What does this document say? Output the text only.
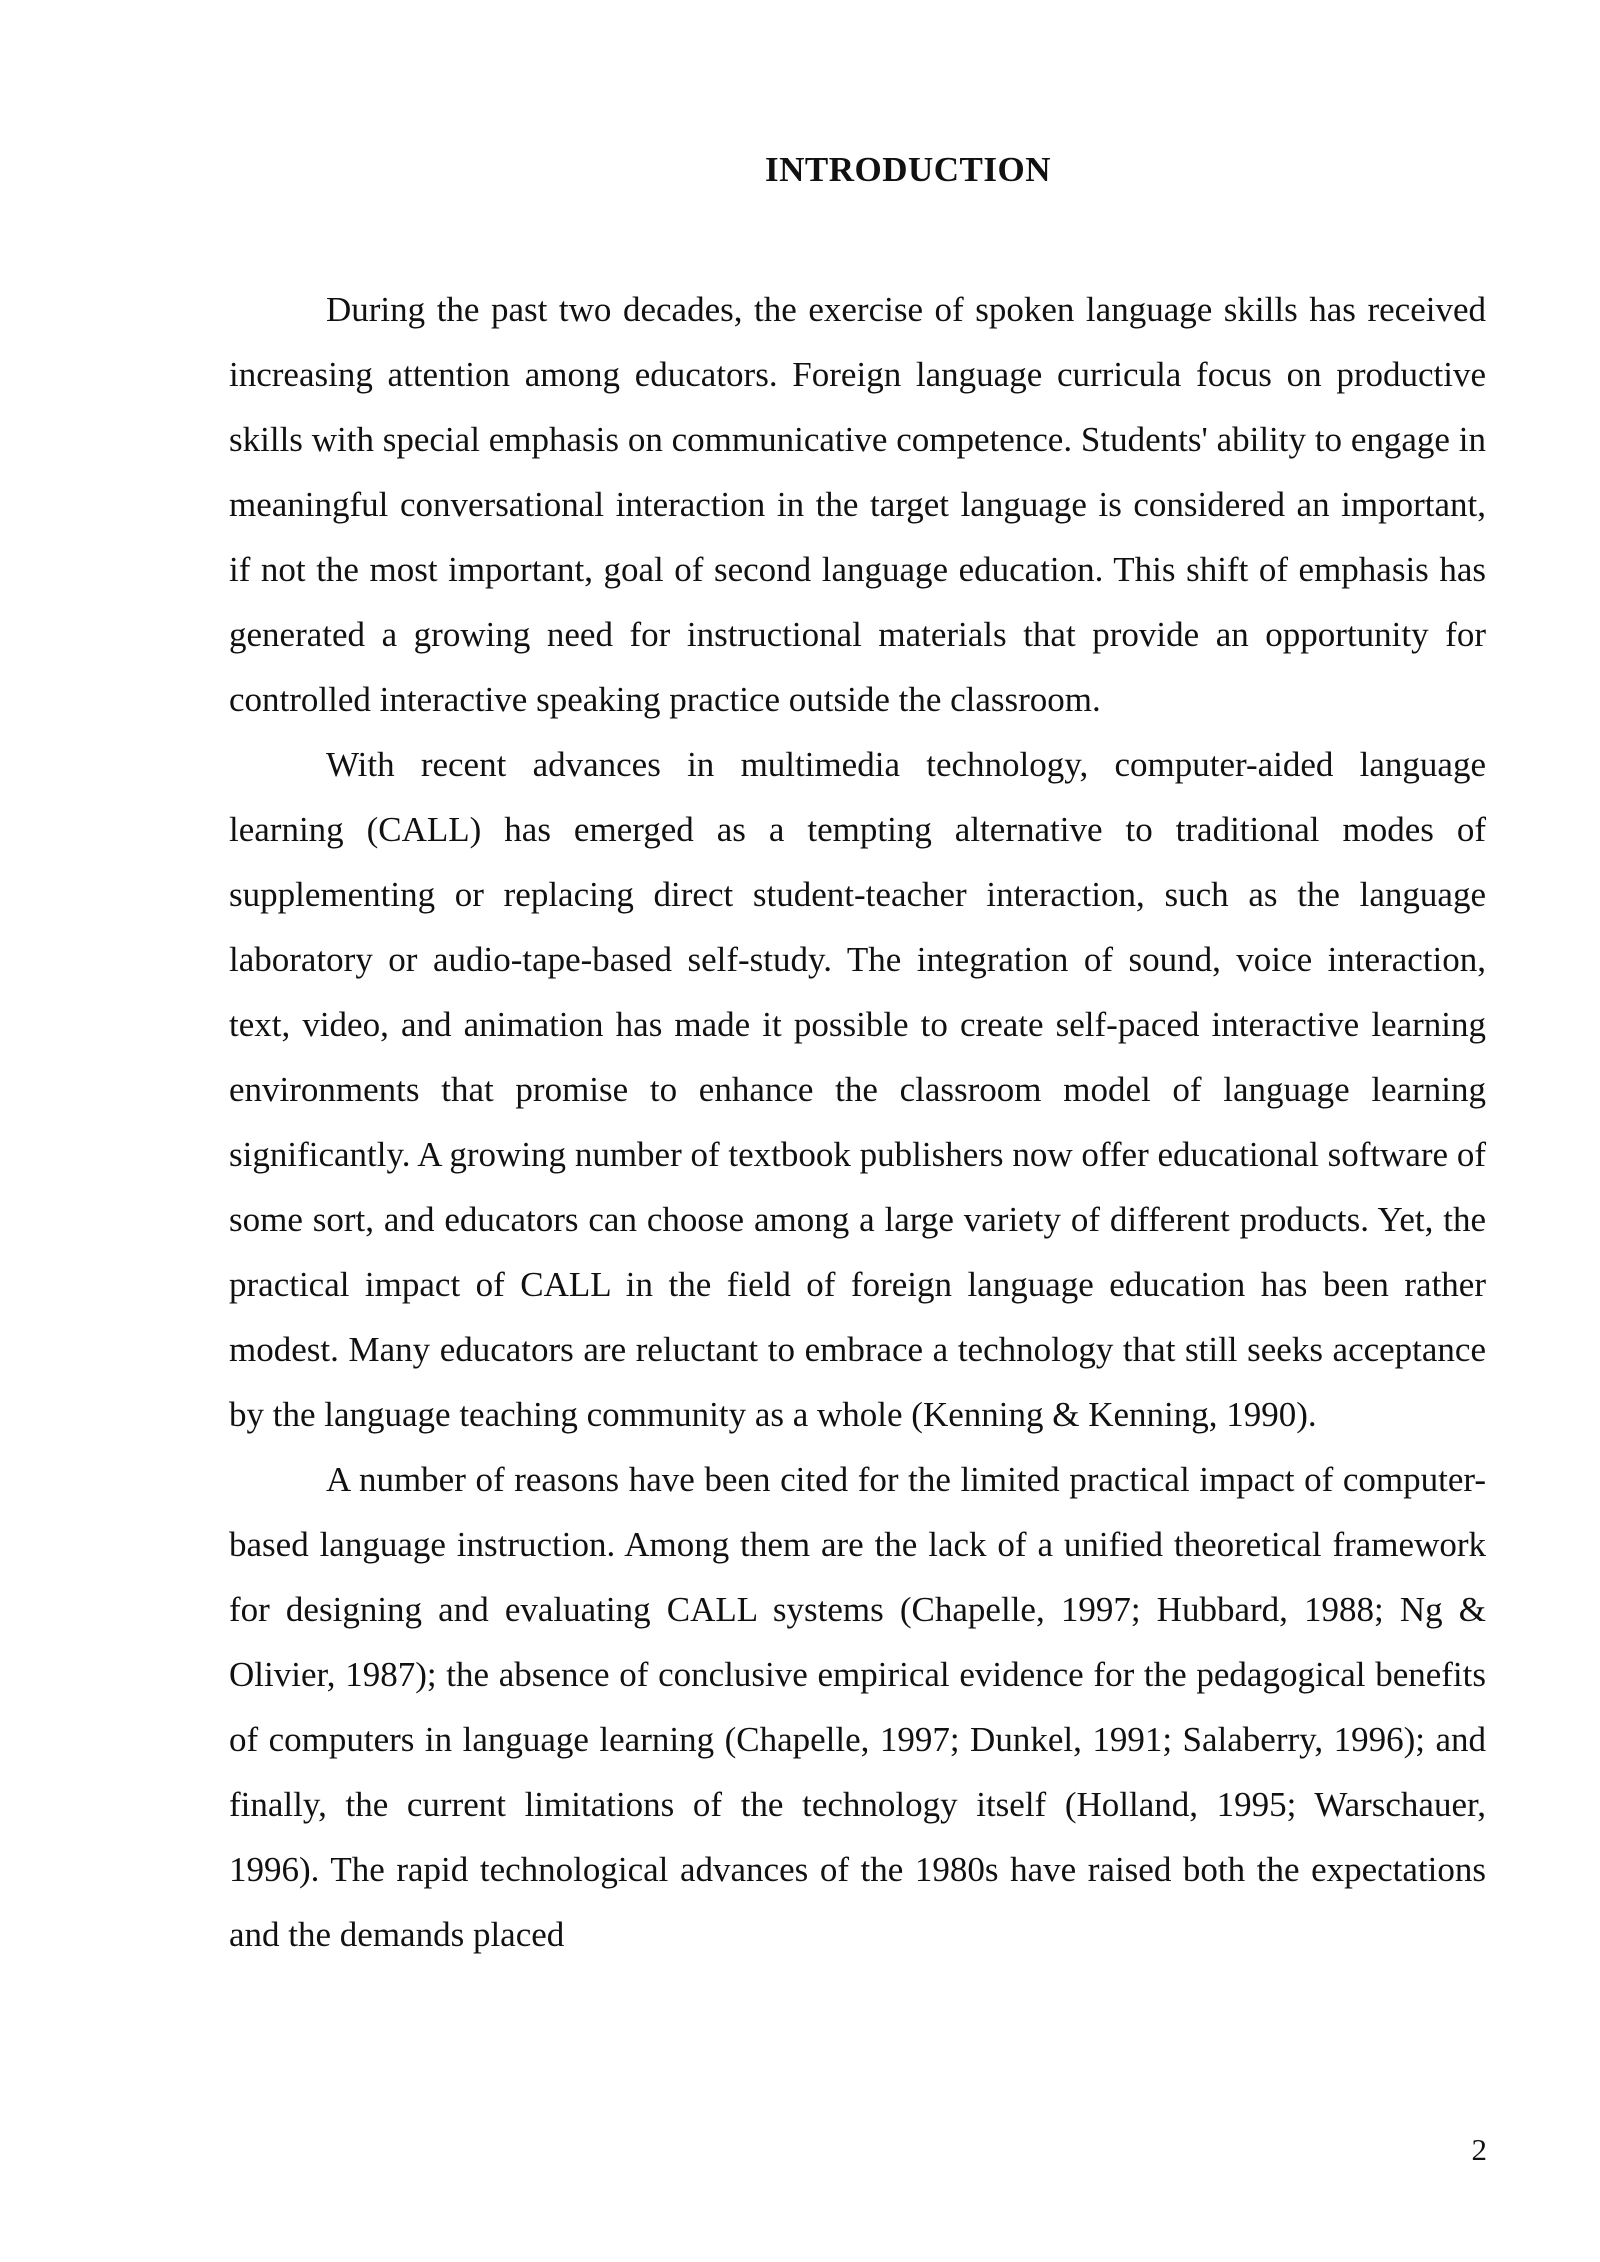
INTRODUCTION

During the past two decades, the exercise of spoken language skills has received increasing attention among educators. Foreign language curricula focus on productive skills with special emphasis on communicative competence. Students' ability to engage in meaningful conversational interaction in the target language is considered an important, if not the most important, goal of second language education. This shift of emphasis has generated a growing need for instructional materials that provide an opportunity for controlled interactive speaking practice outside the classroom.

With recent advances in multimedia technology, computer-aided language learning (CALL) has emerged as a tempting alternative to traditional modes of supplementing or replacing direct student-teacher interaction, such as the language laboratory or audio-tape-based self-study. The integration of sound, voice interaction, text, video, and animation has made it possible to create self-paced interactive learning environments that promise to enhance the classroom model of language learning significantly. A growing number of textbook publishers now offer educational software of some sort, and educators can choose among a large variety of different products. Yet, the practical impact of CALL in the field of foreign language education has been rather modest. Many educators are reluctant to embrace a technology that still seeks acceptance by the language teaching community as a whole (Kenning & Kenning, 1990).

A number of reasons have been cited for the limited practical impact of computer-based language instruction. Among them are the lack of a unified theoretical framework for designing and evaluating CALL systems (Chapelle, 1997; Hubbard, 1988; Ng & Olivier, 1987); the absence of conclusive empirical evidence for the pedagogical benefits of computers in language learning (Chapelle, 1997; Dunkel, 1991; Salaberry, 1996); and finally, the current limitations of the technology itself (Holland, 1995; Warschauer, 1996). The rapid technological advances of the 1980s have raised both the expectations and the demands placed

2
